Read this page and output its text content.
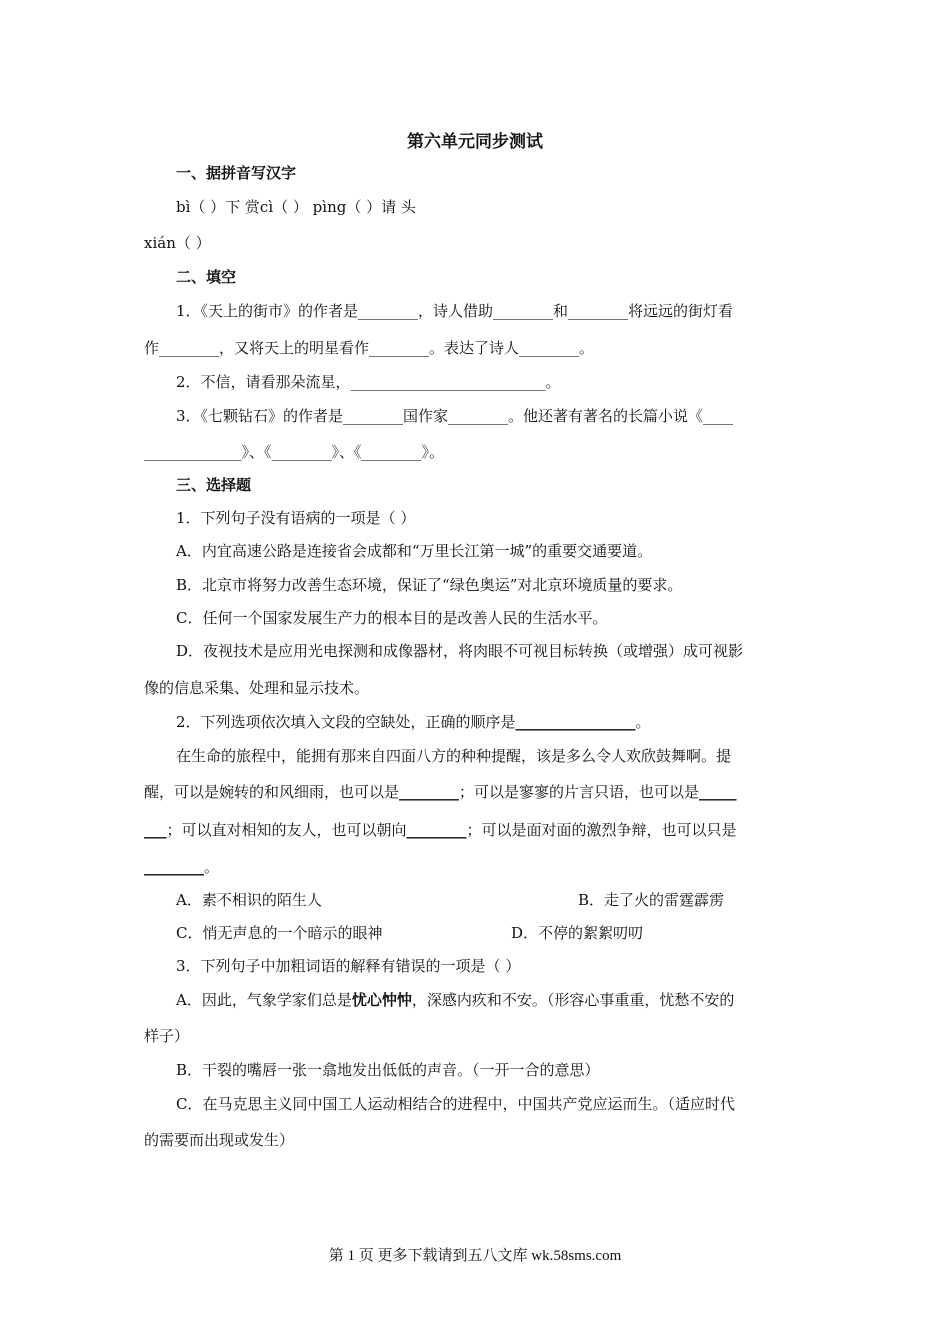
第六单元同步测试
一、据拼音写汉字
bì（ ）下 赏cì（ ） pìng（ ）请 头
xián（ ）
二、填空
1．《天上的街市》的作者是________，诗人借助________和________将远远的街灯看
作________，又将天上的明星看作________。表达了诗人________。
2．不信，请看那朵流星，__________________________。
3．《七颗钻石》的作者是________国作家________。他还著有著名的长篇小说《____
_____________》、《________》、《________》。
三、选择题
1．下列句子没有语病的一项是（ ）
A．内宜高速公路是连接省会成都和“万里长江第一城”的重要交通要道。
B．北京市将努力改善生态环境，保证了“绿色奥运”对北京环境质量的要求。
C．任何一个国家发展生产力的根本目的是改善人民的生活水平。
D．夜视技术是应用光电探测和成像器材，将肉眼不可视目标转换（或增强）成可视影
像的信息采集、处理和显示技术。
2．下列选项依次填入文段的空缺处，正确的顺序是________________。
在生命的旅程中，能拥有那来自四面八方的种种提醒，该是多么令人欢欣鼓舞啊。提
醒，可以是婉转的和风细雨，也可以是________；可以是寥寥的片言只语，也可以是_____
___；可以直对相知的友人，也可以朝向________；可以是面对面的激烈争辩，也可以只是
________。
A．素不相识的陌生人	B．走了火的雷霆霹雳
C．悄无声息的一个暗示的眼神	D．不停的絮絮叨叨
3．下列句子中加粗词语的解释有错误的一项是（ ）
A．因此，气象学家们总是忧心忡忡，深感内疚和不安。（形容心事重重，忧愁不安的
样子）
B．干裂的嘴唇一张一翕地发出低低的声音。（一开一合的意思）
C．在马克思主义同中国工人运动相结合的进程中，中国共产党应运而生。（适应时代
的需要而出现或发生）
第 1 页 更多下载请到五八文库 wk.58sms.com
